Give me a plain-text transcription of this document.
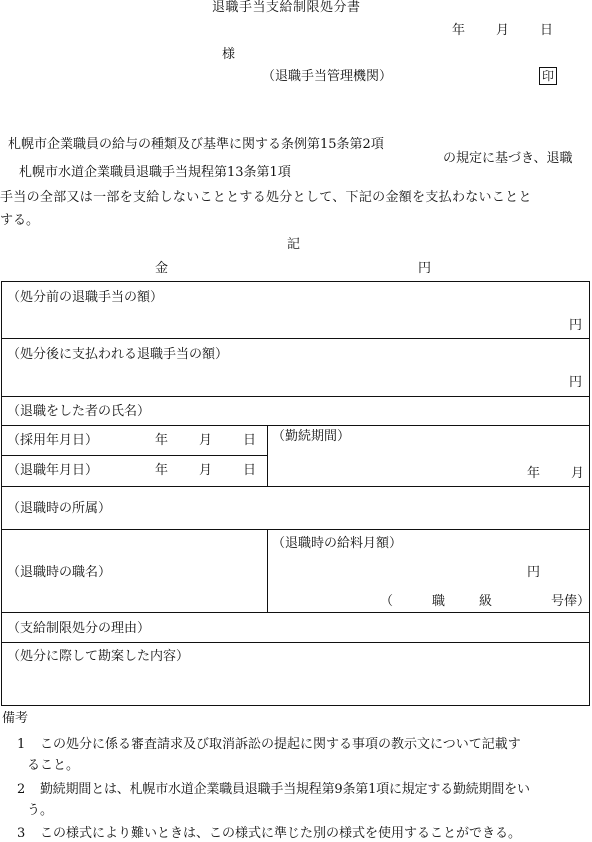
退職手当支給制限処分書
年 月 日
様
（退職手当管理機関）	印
札幌市企業職員の給与の種類及び基準に関する条例第15条第2項
札幌市水道企業職員退職手当規程第13条第1項
の規定に基づき、退職
手当の全部又は一部を支給しないこととする処分として、下記の金額を支払わないことと
する。
記
金	円
（処分前の退職手当の額）
円
（処分後に支払われる退職手当の額）
円
（退職をした者の氏名）
（採用年月日）	年 月 日
（退職年月日）	年 月 日
（勤続期間）
年 月
（退職時の所属）
（退職時の職名）
（退職時の給料月額）
円
（	職	級	号俸）
（支給制限処分の理由）
（処分に際して勘案した内容）
備考
1 この処分に係る審査請求及び取消訴訟の提起に関する事項の教示文について記載す
ること。
2 勤続期間とは、札幌市水道企業職員退職手当規程第9条第1項に規定する勤続期間をい
う。
3 この様式により難いときは、この様式に準じた別の様式を使用することができる。
